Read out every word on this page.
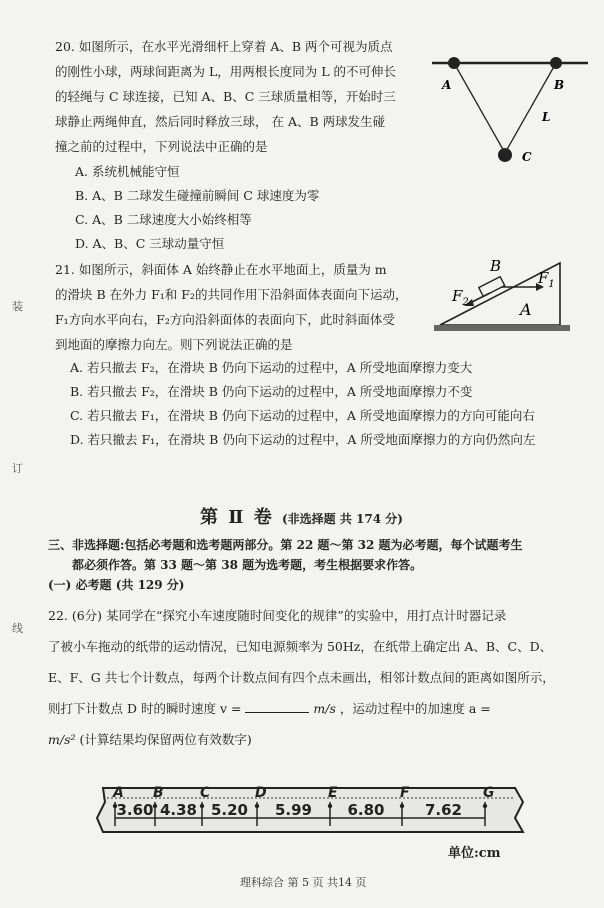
装
订
线
20. 如图所示，在水平光滑细杆上穿着 A、B 两个可视为质点
的刚性小球，两球间距离为 L，用两根长度同为 L 的不可伸长
的轻绳与 C 球连接，已知 A、B、C 三球质量相等，开始时三
球静止两绳伸直，然后同时释放三球， 在 A、B 两球发生碰
撞之前的过程中，下列说法中正确的是
A. 系统机械能守恒
B. A、B 二球发生碰撞前瞬间 C 球速度为零
C. A、B 二球速度大小始终相等
D. A、B、C 三球动量守恒
A	B
L
C
21. 如图所示，斜面体 A 始终静止在水平地面上，质量为 m
的滑块 B 在外力 F₁和 F₂的共同作用下沿斜面体表面向下运动，
F₁方向水平向右，F₂方向沿斜面体的表面向下，此时斜面体受
到地面的摩擦力向左。则下列说法正确的是
A. 若只撤去 F₂，在滑块 B 仍向下运动的过程中，A 所受地面摩擦力变大
B. 若只撤去 F₂，在滑块 B 仍向下运动的过程中，A 所受地面摩擦力不变
C. 若只撤去 F₁，在滑块 B 仍向下运动的过程中，A 所受地面摩擦力的方向可能向右
D. 若只撤去 F₁，在滑块 B 仍向下运动的过程中，A 所受地面摩擦力的方向仍然向左
B
$F_1$
$F_2$	A
第 Ⅱ 卷 (非选择题 共 174 分)
三、非选择题:包括必考题和选考题两部分。第 22 题～第 32 题为必考题，每个试题考生
都必须作答。第 33 题～第 38 题为选考题，考生根据要求作答。
(一) 必考题 (共 129 分)
22. (6分) 某同学在“探究小车速度随时间变化的规律”的实验中，用打点计时器记录
了被小车拖动的纸带的运动情况，已知电源频率为 50Hz，在纸带上确定出 A、B、C、D、
E、F、G 共七个计数点，每两个计数点间有四个点未画出，相邻计数点间的距离如图所示，
则打下计数点 D 时的瞬时速度 v =	m/s ，运动过程中的加速度 a =
m/s² (计算结果均保留两位有效数字)
A B	C	D	E	F	G
3.60 4.38 5.20 5.99 6.80	7.62
单位:cm
理科综合 第 5 页 共14 页
